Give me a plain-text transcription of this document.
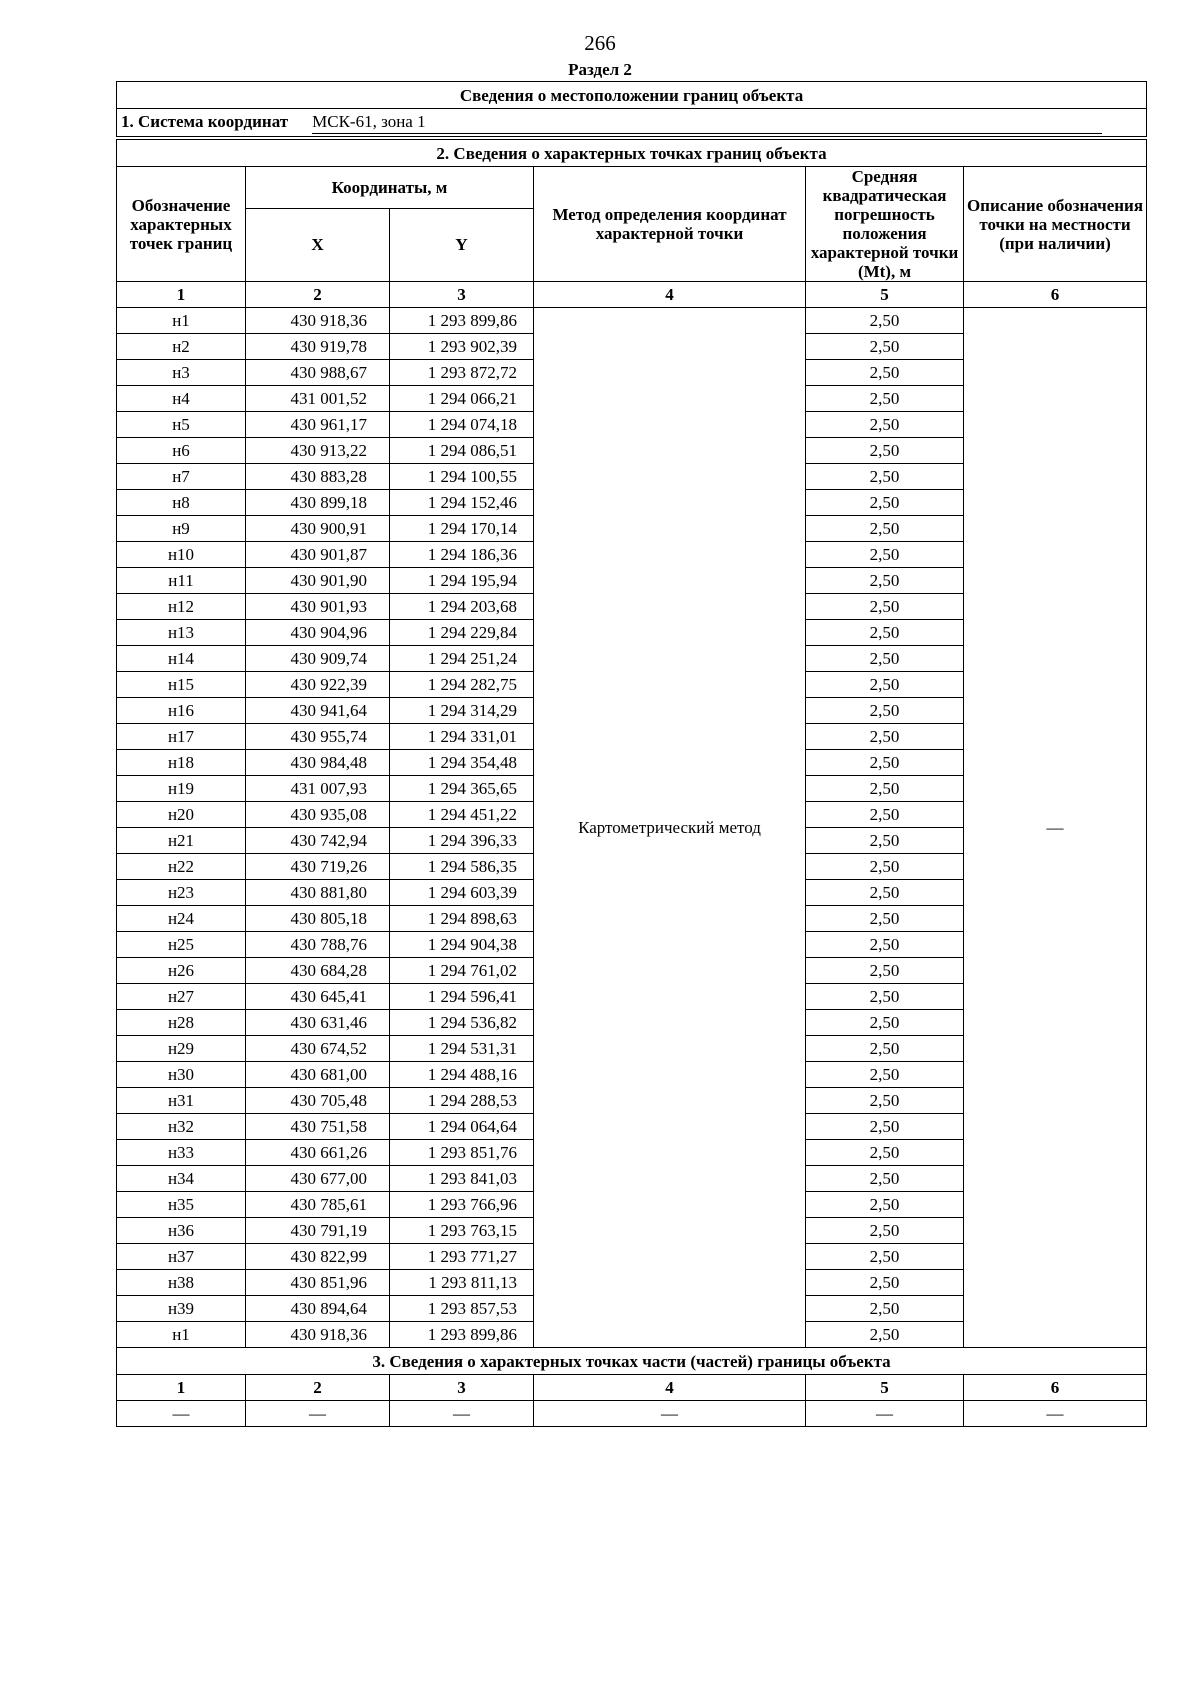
266
Раздел 2
Сведения о местоположении границ объекта					
1. Система координат МСК-61, зона 1					

2. Сведения о характерных точках границ объекта					
Обозначение характерных точек границ	Координаты, м		Метод определения координат характерной точки	Средняя квадратическая погрешность положения характерной точки (Mt), м	Описание обозначения точки на местности (при наличии)
	X	Y			
1	2	3	4	5	6
н1	430 918,36	1 293 899,86	Картометрический метод	2,50	—
н2	430 919,78	1 293 902,39		2,50	
н3	430 988,67	1 293 872,72		2,50	
н4	431 001,52	1 294 066,21		2,50	
н5	430 961,17	1 294 074,18		2,50	
н6	430 913,22	1 294 086,51		2,50	
н7	430 883,28	1 294 100,55		2,50	
н8	430 899,18	1 294 152,46		2,50	
н9	430 900,91	1 294 170,14		2,50	
н10	430 901,87	1 294 186,36		2,50	
н11	430 901,90	1 294 195,94		2,50	
н12	430 901,93	1 294 203,68		2,50	
н13	430 904,96	1 294 229,84		2,50	
н14	430 909,74	1 294 251,24		2,50	
н15	430 922,39	1 294 282,75		2,50	
н16	430 941,64	1 294 314,29		2,50	
н17	430 955,74	1 294 331,01		2,50	
н18	430 984,48	1 294 354,48		2,50	
н19	431 007,93	1 294 365,65		2,50	
н20	430 935,08	1 294 451,22		2,50	
н21	430 742,94	1 294 396,33		2,50	
н22	430 719,26	1 294 586,35		2,50	
н23	430 881,80	1 294 603,39		2,50	
н24	430 805,18	1 294 898,63		2,50	
н25	430 788,76	1 294 904,38		2,50	
н26	430 684,28	1 294 761,02		2,50	
н27	430 645,41	1 294 596,41		2,50	
н28	430 631,46	1 294 536,82		2,50	
н29	430 674,52	1 294 531,31		2,50	
н30	430 681,00	1 294 488,16		2,50	
н31	430 705,48	1 294 288,53		2,50	
н32	430 751,58	1 294 064,64		2,50	
н33	430 661,26	1 293 851,76		2,50	
н34	430 677,00	1 293 841,03		2,50	
н35	430 785,61	1 293 766,96		2,50	
н36	430 791,19	1 293 763,15		2,50	
н37	430 822,99	1 293 771,27		2,50	
н38	430 851,96	1 293 811,13		2,50	
н39	430 894,64	1 293 857,53		2,50	
н1	430 918,36	1 293 899,86		2,50	
3. Сведения о характерных точках части (частей) границы объекта					
1	2	3	4	5	6
—	—	—	—	—	—
